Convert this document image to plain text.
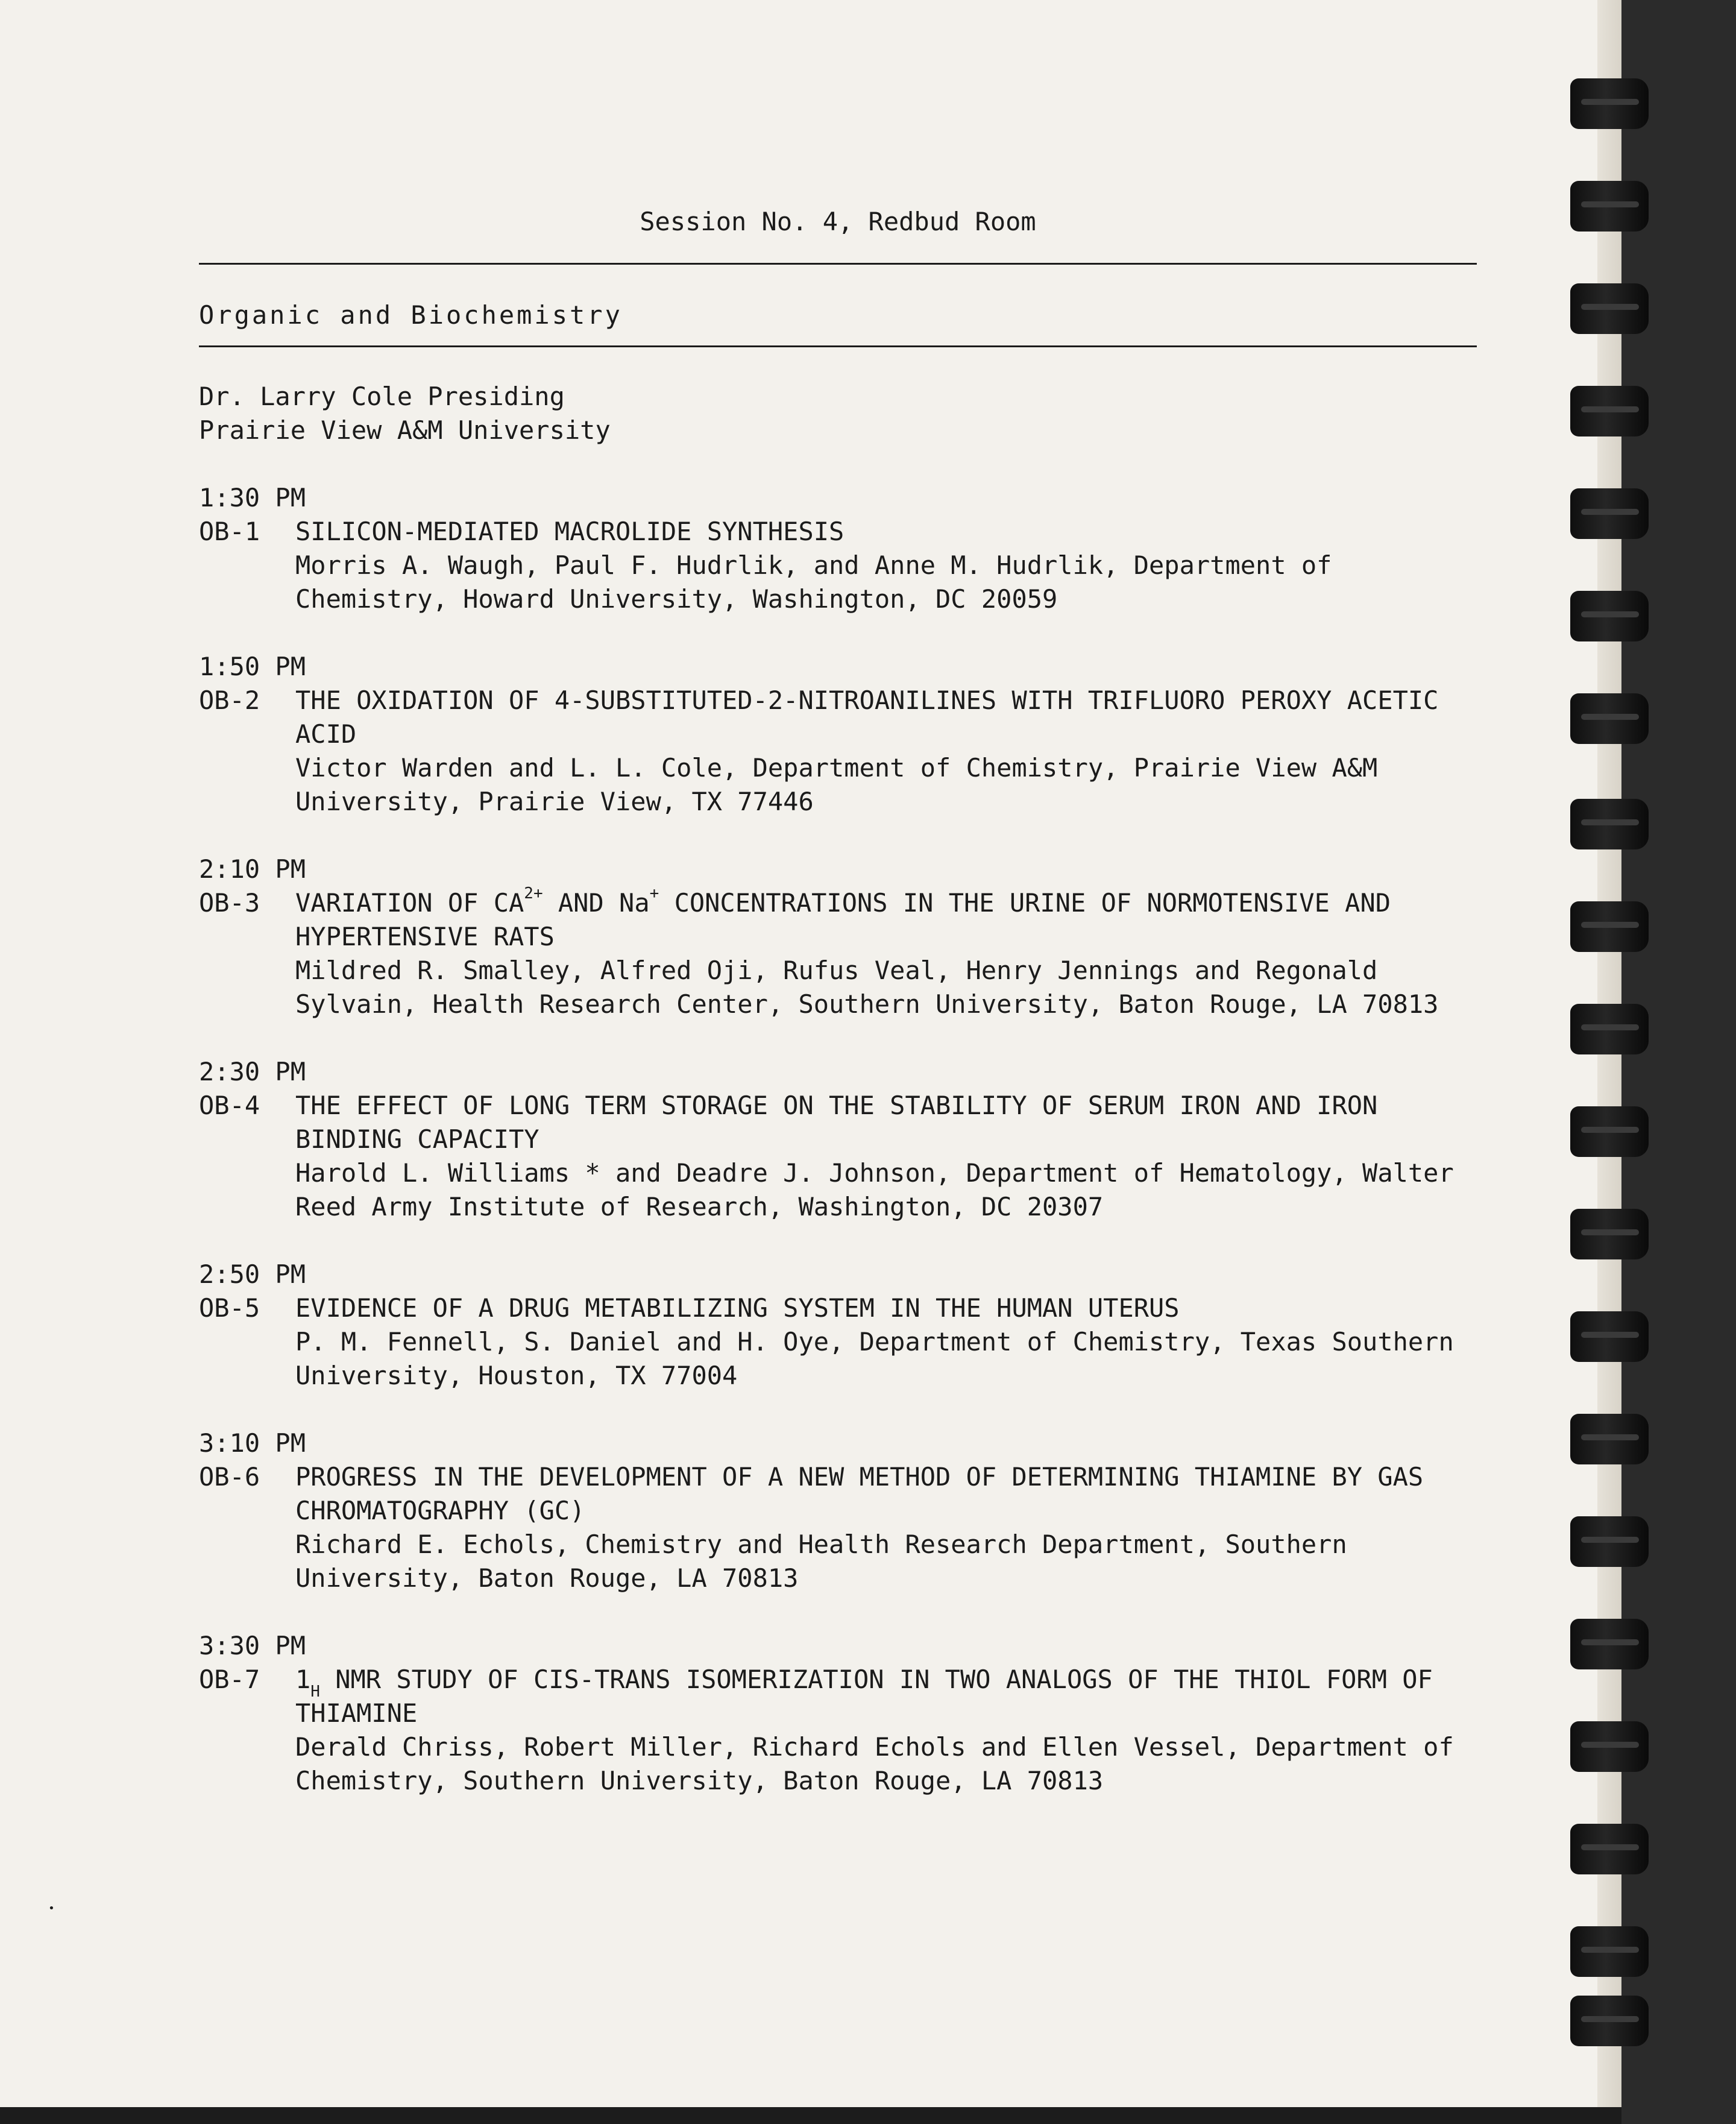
Session No. 4, Redbud Room
Organic and Biochemistry
Dr. Larry Cole Presiding
Prairie View A&M University
1:30 PM
OB-1	SILICON-MEDIATED MACROLIDE SYNTHESIS
Morris A. Waugh, Paul F. Hudrlik, and Anne M. Hudrlik, Department of Chemistry, Howard University, Washington, DC 20059
1:50 PM
OB-2	THE OXIDATION OF 4-SUBSTITUTED-2-NITROANILINES WITH TRIFLUORO PEROXY ACETIC ACID
Victor Warden and L. L. Cole, Department of Chemistry, Prairie View A&M University, Prairie View, TX 77446
2:10 PM
OB-3	VARIATION OF $CA^{2+}$ AND Na+ CONCENTRATIONS IN THE URINE OF NORMOTENSIVE AND HYPERTENSIVE RATS
Mildred R. Smalley, Alfred Oji, Rufus Veal, Henry Jennings and Regonald Sylvain, Health Research Center, Southern University, Baton Rouge, LA 70813
2:30 PM
OB-4	THE EFFECT OF LONG TERM STORAGE ON THE STABILITY OF SERUM IRON AND IRON BINDING CAPACITY
Harold L. Williams * and Deadre J. Johnson, Department of Hematology, Walter Reed Army Institute of Research, Washington, DC 20307
2:50 PM
OB-5	EVIDENCE OF A DRUG METABILIZING SYSTEM IN THE HUMAN UTERUS
P. M. Fennell, S. Daniel and H. Oye, Department of Chemistry, Texas Southern University, Houston, TX 77004
3:10 PM
OB-6	PROGRESS IN THE DEVELOPMENT OF A NEW METHOD OF DETERMINING THIAMINE BY GAS CHROMATOGRAPHY (GC)
Richard E. Echols, Chemistry and Health Research Department, Southern University, Baton Rouge, LA 70813
3:30 PM
OB-7	$1_H$ NMR STUDY OF CIS-TRANS ISOMERIZATION IN TWO ANALOGS OF THE THIOL FORM OF THIAMINE
Derald Chriss, Robert Miller, Richard Echols and Ellen Vessel, Department of Chemistry, Southern University, Baton Rouge, LA 70813
•
